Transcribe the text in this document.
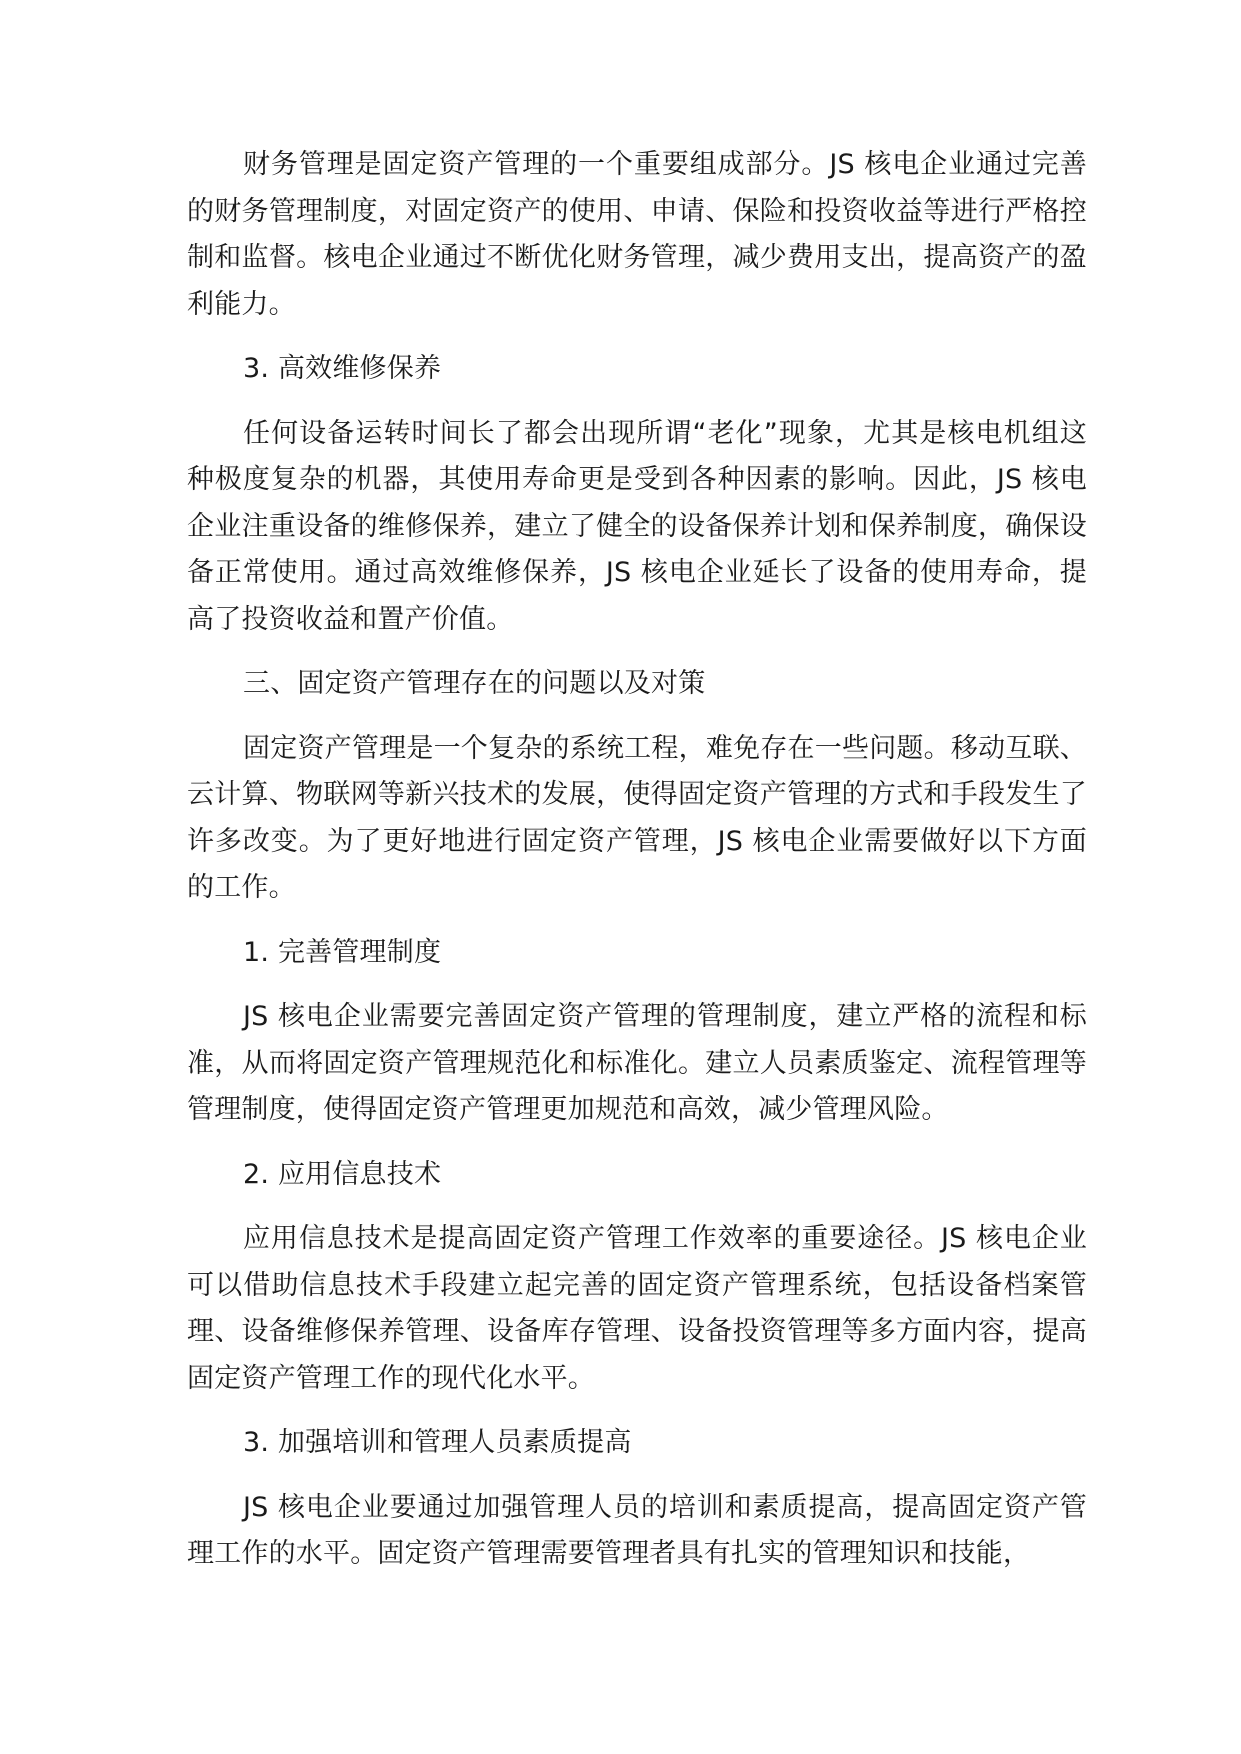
财务管理是固定资产管理的一个重要组成部分。JS 核电企业通过完善的财务管理制度，对固定资产的使用、申请、保险和投资收益等进行严格控制和监督。核电企业通过不断优化财务管理，减少费用支出，提高资产的盈利能力。

3. 高效维修保养

任何设备运转时间长了都会出现所谓“老化”现象，尤其是核电机组这种极度复杂的机器，其使用寿命更是受到各种因素的影响。因此，JS 核电企业注重设备的维修保养，建立了健全的设备保养计划和保养制度，确保设备正常使用。通过高效维修保养，JS 核电企业延长了设备的使用寿命，提高了投资收益和置产价值。

三、固定资产管理存在的问题以及对策

固定资产管理是一个复杂的系统工程，难免存在一些问题。移动互联、云计算、物联网等新兴技术的发展，使得固定资产管理的方式和手段发生了许多改变。为了更好地进行固定资产管理，JS 核电企业需要做好以下方面的工作。

1. 完善管理制度

JS 核电企业需要完善固定资产管理的管理制度，建立严格的流程和标准，从而将固定资产管理规范化和标准化。建立人员素质鉴定、流程管理等管理制度，使得固定资产管理更加规范和高效，减少管理风险。

2. 应用信息技术

应用信息技术是提高固定资产管理工作效率的重要途径。JS 核电企业可以借助信息技术手段建立起完善的固定资产管理系统，包括设备档案管理、设备维修保养管理、设备库存管理、设备投资管理等多方面内容，提高固定资产管理工作的现代化水平。

3. 加强培训和管理人员素质提高

JS 核电企业要通过加强管理人员的培训和素质提高，提高固定资产管理工作的水平。固定资产管理需要管理者具有扎实的管理知识和技能，
